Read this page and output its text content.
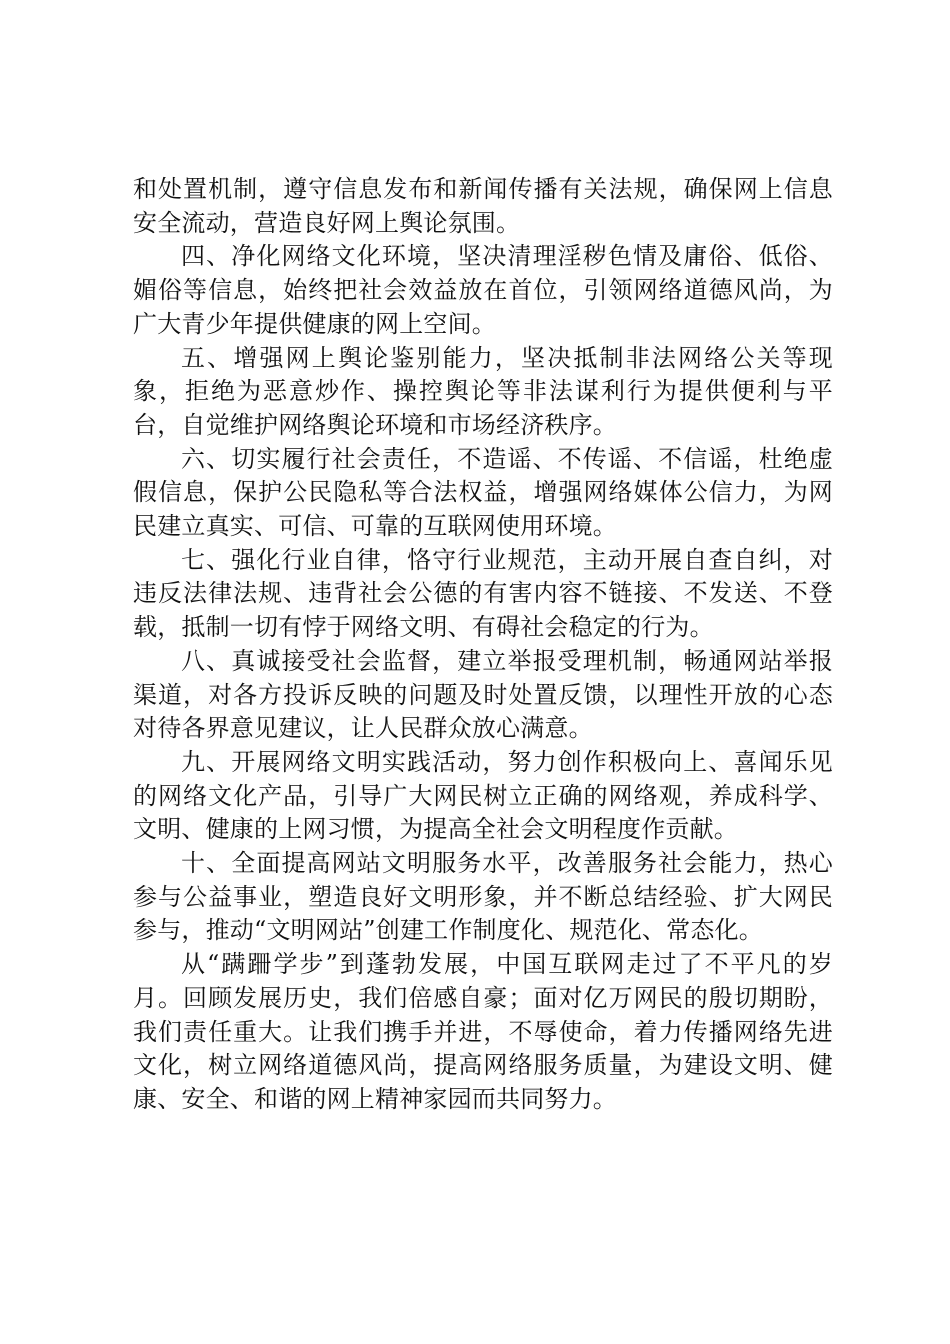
和处置机制，遵守信息发布和新闻传播有关法规，确保网上信息安全流动，营造良好网上舆论氛围。

四、净化网络文化环境，坚决清理淫秽色情及庸俗、低俗、媚俗等信息，始终把社会效益放在首位，引领网络道德风尚，为广大青少年提供健康的网上空间。

五、增强网上舆论鉴别能力，坚决抵制非法网络公关等现象，拒绝为恶意炒作、操控舆论等非法谋利行为提供便利与平台，自觉维护网络舆论环境和市场经济秩序。

六、切实履行社会责任，不造谣、不传谣、不信谣，杜绝虚假信息，保护公民隐私等合法权益，增强网络媒体公信力，为网民建立真实、可信、可靠的互联网使用环境。

七、强化行业自律，恪守行业规范，主动开展自查自纠，对违反法律法规、违背社会公德的有害内容不链接、不发送、不登载，抵制一切有悖于网络文明、有碍社会稳定的行为。

八、真诚接受社会监督，建立举报受理机制，畅通网站举报渠道，对各方投诉反映的问题及时处置反馈，以理性开放的心态对待各界意见建议，让人民群众放心满意。

九、开展网络文明实践活动，努力创作积极向上、喜闻乐见的网络文化产品，引导广大网民树立正确的网络观，养成科学、文明、健康的上网习惯，为提高全社会文明程度作贡献。

十、全面提高网站文明服务水平，改善服务社会能力，热心参与公益事业，塑造良好文明形象，并不断总结经验、扩大网民参与，推动“文明网站”创建工作制度化、规范化、常态化。

从“蹒跚学步”到蓬勃发展，中国互联网走过了不平凡的岁月。回顾发展历史，我们倍感自豪；面对亿万网民的殷切期盼，我们责任重大。让我们携手并进，不辱使命，着力传播网络先进文化，树立网络道德风尚，提高网络服务质量，为建设文明、健康、安全、和谐的网上精神家园而共同努力。
